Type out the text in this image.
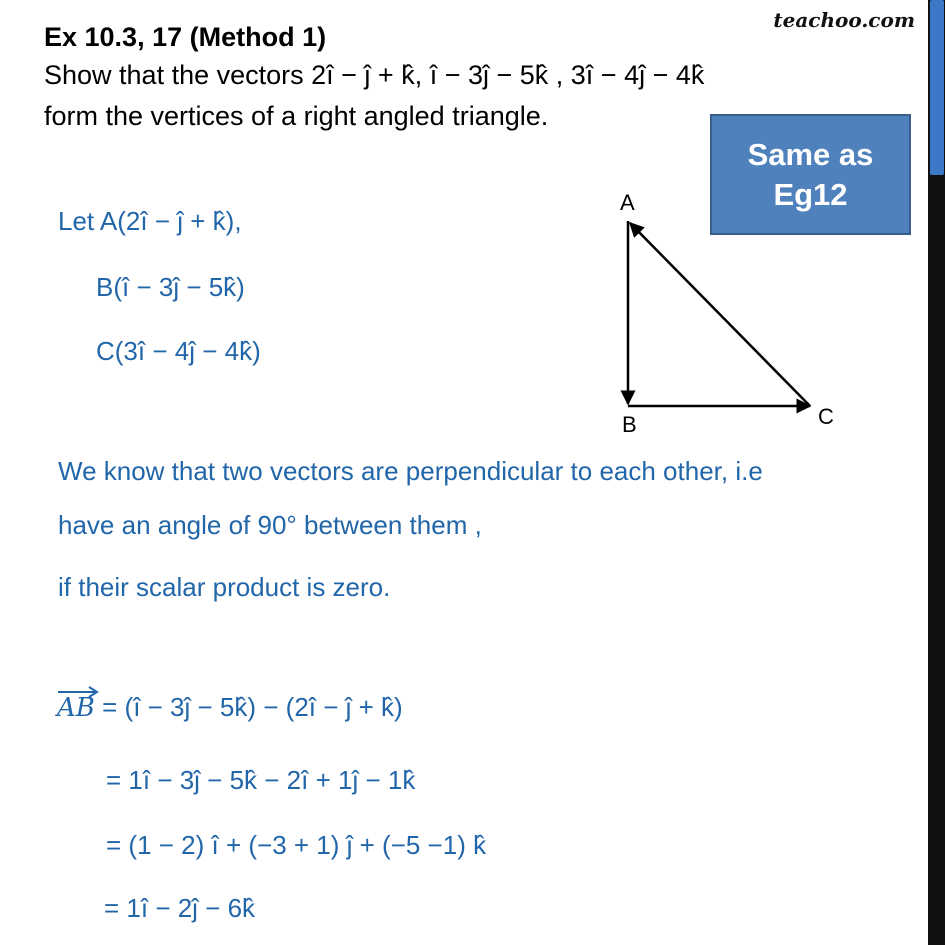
Ex 10.3, 17 (Method 1)
teachoo.com
Show that the vectors 2î − ĵ + k̂, î − 3ĵ − 5k̂ , 3î − 4ĵ − 4k̂
form the vertices of a right angled triangle.
Same as
Eg12
Let A(2î − ĵ + k̂),
B(î − 3ĵ − 5k̂)
C(3î − 4ĵ − 4k̂)
A
B	C
We know that two vectors are perpendicular to each other, i.e
have an angle of 90° between them ,
if their scalar product is zero.
AB = (î − 3ĵ − 5k̂) − (2î − ĵ + k̂)
= 1î − 3ĵ − 5k̂ − 2î + 1ĵ − 1k̂
= (1 − 2) î + (−3 + 1) ĵ + (−5 −1) k̂
= 1î − 2ĵ − 6k̂
